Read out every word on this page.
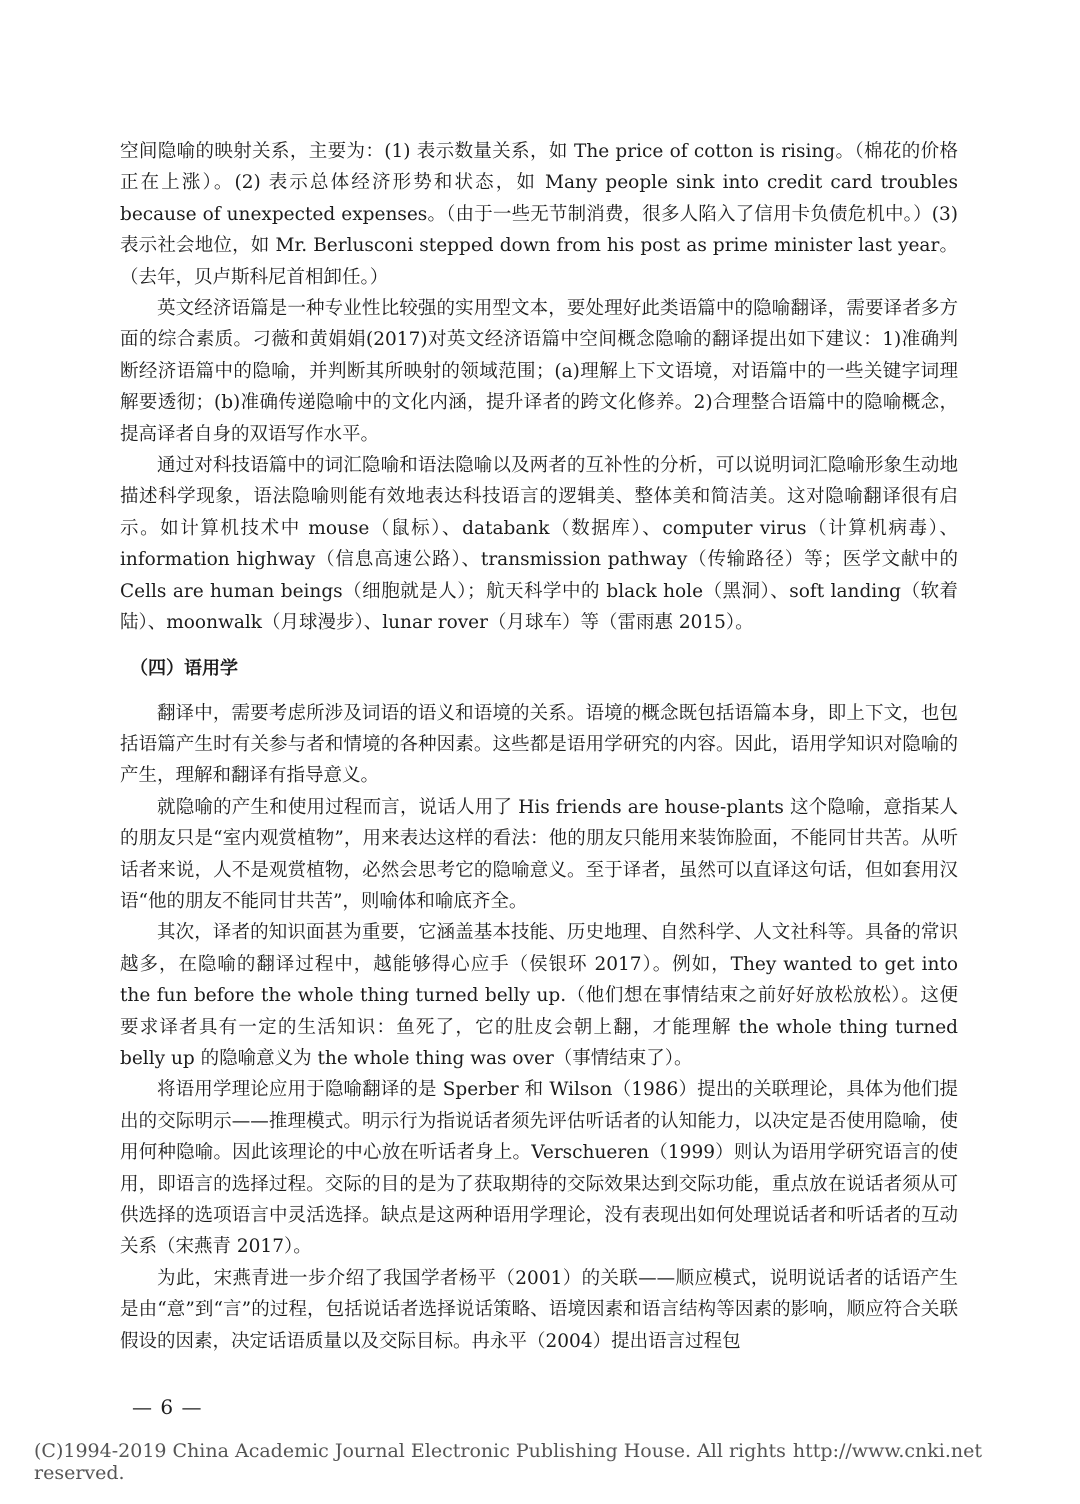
空间隐喻的映射关系，主要为：(1) 表示数量关系，如 The price of cotton is rising。（棉花的价格正在上涨）。(2) 表示总体经济形势和状态，如 Many people sink into credit card troubles because of unexpected expenses。（由于一些无节制消费，很多人陷入了信用卡负债危机中。）(3) 表示社会地位，如 Mr. Berlusconi stepped down from his post as prime minister last year。（去年，贝卢斯科尼首相卸任。）

英文经济语篇是一种专业性比较强的实用型文本，要处理好此类语篇中的隐喻翻译，需要译者多方面的综合素质。刁薇和黄娟娟(2017)对英文经济语篇中空间概念隐喻的翻译提出如下建议：1)准确判断经济语篇中的隐喻，并判断其所映射的领域范围；(a)理解上下文语境，对语篇中的一些关键字词理解要透彻；(b)准确传递隐喻中的文化内涵，提升译者的跨文化修养。2)合理整合语篇中的隐喻概念，提高译者自身的双语写作水平。

通过对科技语篇中的词汇隐喻和语法隐喻以及两者的互补性的分析，可以说明词汇隐喻形象生动地描述科学现象，语法隐喻则能有效地表达科技语言的逻辑美、整体美和简洁美。这对隐喻翻译很有启示。如计算机技术中 mouse（鼠标）、databank（数据库）、computer virus（计算机病毒）、information highway（信息高速公路）、transmission pathway（传输路径）等；医学文献中的 Cells are human beings（细胞就是人）；航天科学中的 black hole（黑洞）、soft landing（软着陆）、moonwalk（月球漫步）、lunar rover（月球车）等（雷雨惠 2015）。

（四）语用学

翻译中，需要考虑所涉及词语的语义和语境的关系。语境的概念既包括语篇本身，即上下文，也包括语篇产生时有关参与者和情境的各种因素。这些都是语用学研究的内容。因此，语用学知识对隐喻的产生，理解和翻译有指导意义。

就隐喻的产生和使用过程而言，说话人用了 His friends are house-plants 这个隐喻，意指某人的朋友只是“室内观赏植物”，用来表达这样的看法：他的朋友只能用来装饰脸面，不能同甘共苦。从听话者来说，人不是观赏植物，必然会思考它的隐喻意义。至于译者，虽然可以直译这句话，但如套用汉语“他的朋友不能同甘共苦”，则喻体和喻底齐全。

其次，译者的知识面甚为重要，它涵盖基本技能、历史地理、自然科学、人文社科等。具备的常识越多，在隐喻的翻译过程中，越能够得心应手（侯银环 2017）。例如，They wanted to get into the fun before the whole thing turned belly up.（他们想在事情结束之前好好放松放松）。这便要求译者具有一定的生活知识：鱼死了，它的肚皮会朝上翻，才能理解 the whole thing turned belly up 的隐喻意义为 the whole thing was over（事情结束了）。

将语用学理论应用于隐喻翻译的是 Sperber 和 Wilson（1986）提出的关联理论，具体为他们提出的交际明示——推理模式。明示行为指说话者须先评估听话者的认知能力，以决定是否使用隐喻，使用何种隐喻。因此该理论的中心放在听话者身上。Verschueren（1999）则认为语用学研究语言的使用，即语言的选择过程。交际的目的是为了获取期待的交际效果达到交际功能，重点放在说话者须从可供选择的选项语言中灵活选择。缺点是这两种语用学理论，没有表现出如何处理说话者和听话者的互动关系（宋燕青 2017）。

为此，宋燕青进一步介绍了我国学者杨平（2001）的关联——顺应模式，说明说话者的话语产生是由“意”到“言”的过程，包括说话者选择说话策略、语境因素和语言结构等因素的影响，顺应符合关联假设的因素，决定话语质量以及交际目标。冉永平（2004）提出语言过程包

— 6 —
(C)1994-2019 China Academic Journal Electronic Publishing House. All rights reserved.
http://www.cnki.net
